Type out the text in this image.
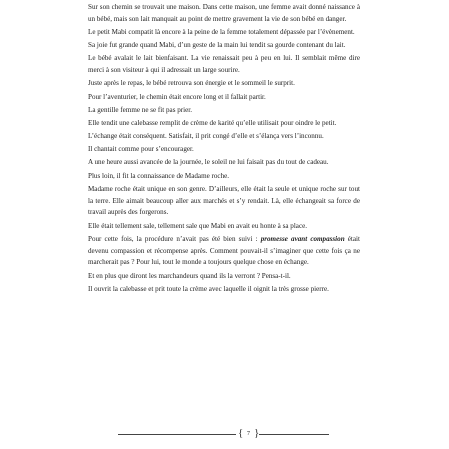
Sur son chemin se trouvait une maison. Dans cette maison, une femme avait donné naissance à un bébé, mais son lait manquait au point de mettre gravement la vie de son bébé en danger.

Le petit Mabi compatit là encore à la peine de la femme totalement dépassée par l’évènement.

Sa joie fut grande quand Mabi, d’un geste de la main lui tendit sa gourde contenant du lait.

Le bébé avalait le lait bienfaisant. La vie renaissait peu à peu en lui. Il semblait même dire merci à son visiteur à qui il adressait un large sourire.

Juste après le repas, le bébé retrouva son énergie et le sommeil le surprit.

Pour l’aventurier, le chemin était encore long et il fallait partir.

La gentille femme ne se fit pas prier.

Elle tendit une calebasse remplit de crème de karité qu’elle utilisait pour oindre le petit.

L’échange était conséquent. Satisfait, il prit congé d’elle et s’élança vers l’inconnu.

Il chantait comme pour s’encourager.

A une heure aussi avancée de la journée, le soleil ne lui faisait pas du tout de cadeau.

Plus loin, il fit la connaissance de Madame roche.

Madame roche était unique en son genre. D’ailleurs, elle était la seule et unique roche sur tout la terre. Elle aimait beaucoup aller aux marchés et s’y rendait. Là, elle échangeait sa force de travail auprès des forgerons.

Elle était tellement sale, tellement sale que Mabi en avait eu honte à sa place.

Pour cette fois, la procédure n’avait pas été bien suivi : promesse avant compassion était devenu compassion et récompense après. Comment pouvait-il s’imaginer que cette fois ça ne marcherait pas ? Pour lui, tout le monde a toujours quelque chose en échange.

Et en plus que diront les marchandeurs quand ils la verront ? Pensa-t-il.

Il ouvrit la calebasse et prit toute la crème avec laquelle il oignit la très grosse pierre.

{ 7 }
